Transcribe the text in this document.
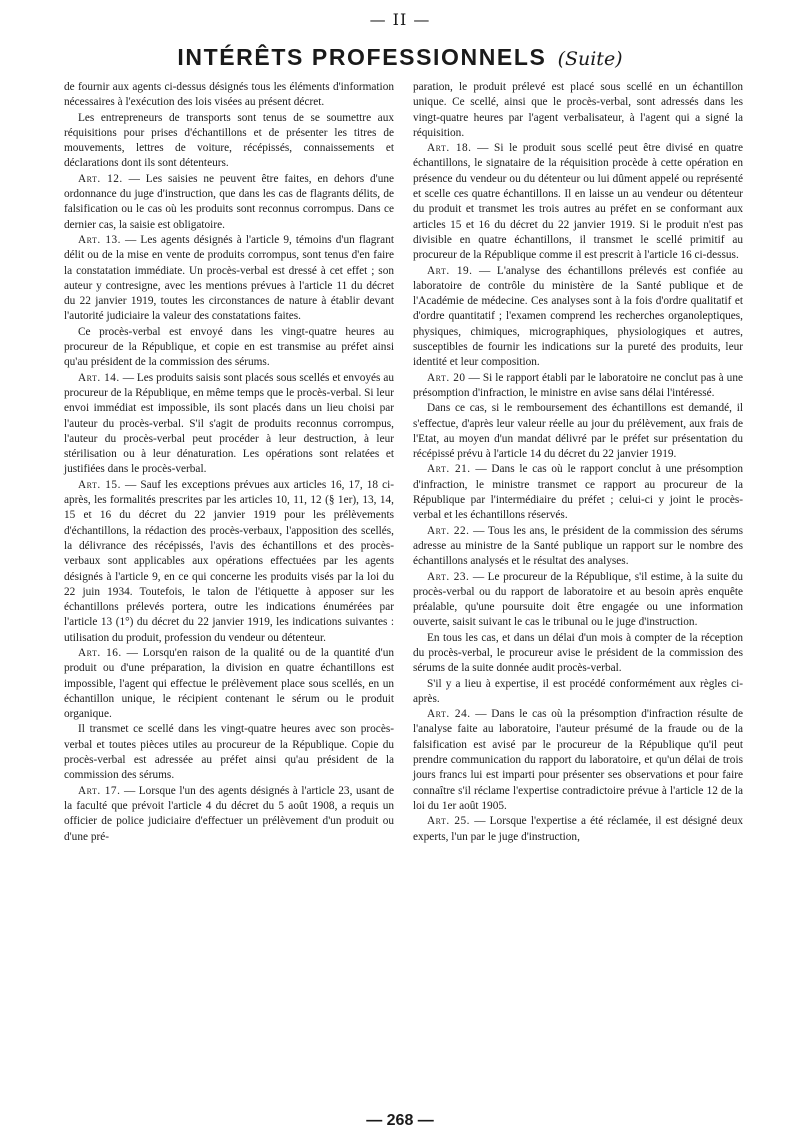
— II —
INTÉRÊTS PROFESSIONNELS (Suite)

de fournir aux agents ci-dessus désignés tous les éléments d'information nécessaires à l'exécution des lois visées au présent décret.

Les entrepreneurs de transports sont tenus de se soumettre aux réquisitions pour prises d'échantillons et de présenter les titres de mouvements, lettres de voiture, récépissés, connaissements et déclarations dont ils sont détenteurs.

Art. 12. — Les saisies ne peuvent être faites, en dehors d'une ordonnance du juge d'instruction, que dans les cas de flagrants délits, de falsification ou le cas où les produits sont reconnus corrompus. Dans ce dernier cas, la saisie est obligatoire.

Art. 13. — Les agents désignés à l'article 9, témoins d'un flagrant délit ou de la mise en vente de produits corrompus, sont tenus d'en faire la constatation immédiate. Un procès-verbal est dressé à cet effet ; son auteur y contresigne, avec les mentions prévues à l'article 11 du décret du 22 janvier 1919, toutes les circonstances de nature à établir devant l'autorité judiciaire la valeur des constatations faites.

Ce procès-verbal est envoyé dans les vingt-quatre heures au procureur de la République, et copie en est transmise au préfet ainsi qu'au président de la commission des sérums.

Art. 14. — Les produits saisis sont placés sous scellés et envoyés au procureur de la République, en même temps que le procès-verbal. Si leur envoi immédiat est impossible, ils sont placés dans un lieu choisi par l'auteur du procès-verbal. S'il s'agit de produits reconnus corrompus, l'auteur du procès-verbal peut procéder à leur destruction, à leur stérilisation ou à leur dénaturation. Les opérations sont relatées et justifiées dans le procès-verbal.

Art. 15. — Sauf les exceptions prévues aux articles 16, 17, 18 ci-après, les formalités prescrites par les articles 10, 11, 12 (§ 1er), 13, 14, 15 et 16 du décret du 22 janvier 1919 pour les prélèvements d'échantillons, la rédaction des procès-verbaux, l'apposition des scellés, la délivrance des récépissés, l'avis des échantillons et des procès-verbaux sont applicables aux opérations effectuées par les agents désignés à l'article 9, en ce qui concerne les produits visés par la loi du 22 juin 1934. Toutefois, le talon de l'étiquette à apposer sur les échantillons prélevés portera, outre les indications énumérées par l'article 13 (1°) du décret du 22 janvier 1919, les indications suivantes : utilisation du produit, profession du vendeur ou détenteur.

Art. 16. — Lorsqu'en raison de la qualité ou de la quantité d'un produit ou d'une préparation, la division en quatre échantillons est impossible, l'agent qui effectue le prélèvement place sous scellés, en un échantillon unique, le récipient contenant le sérum ou le produit organique.

Il transmet ce scellé dans les vingt-quatre heures avec son procès-verbal et toutes pièces utiles au procureur de la République. Copie du procès-verbal est adressée au préfet ainsi qu'au président de la commission des sérums.

Art. 17. — Lorsque l'un des agents désignés à l'article 23, usant de la faculté que prévoit l'article 4 du décret du 5 août 1908, a requis un officier de police judiciaire d'effectuer un prélèvement d'un produit ou d'une pré-

paration, le produit prélevé est placé sous scellé en un échantillon unique. Ce scellé, ainsi que le procès-verbal, sont adressés dans les vingt-quatre heures par l'agent verbalisateur, à l'agent qui a signé la réquisition.

Art. 18. — Si le produit sous scellé peut être divisé en quatre échantillons, le signataire de la réquisition procède à cette opération en présence du vendeur ou du détenteur ou lui dûment appelé ou représenté et scelle ces quatre échantillons. Il en laisse un au vendeur ou détenteur du produit et transmet les trois autres au préfet en se conformant aux articles 15 et 16 du décret du 22 janvier 1919. Si le produit n'est pas divisible en quatre échantillons, il transmet le scellé primitif au procureur de la République comme il est prescrit à l'article 16 ci-dessus.

Art. 19. — L'analyse des échantillons prélevés est confiée au laboratoire de contrôle du ministère de la Santé publique et de l'Académie de médecine. Ces analyses sont à la fois d'ordre qualitatif et d'ordre quantitatif ; l'examen comprend les recherches organoleptiques, physiques, chimiques, micrographiques, physiologiques et autres, susceptibles de fournir les indications sur la pureté des produits, leur identité et leur composition.

Art. 20 — Si le rapport établi par le laboratoire ne conclut pas à une présomption d'infraction, le ministre en avise sans délai l'intéressé.

Dans ce cas, si le remboursement des échantillons est demandé, il s'effectue, d'après leur valeur réelle au jour du prélèvement, aux frais de l'Etat, au moyen d'un mandat délivré par le préfet sur présentation du récépissé prévu à l'article 14 du décret du 22 janvier 1919.

Art. 21. — Dans le cas où le rapport conclut à une présomption d'infraction, le ministre transmet ce rapport au procureur de la République par l'intermédiaire du préfet ; celui-ci y joint le procès-verbal et les échantillons réservés.

Art. 22. — Tous les ans, le président de la commission des sérums adresse au ministre de la Santé publique un rapport sur le nombre des échantillons analysés et le résultat des analyses.

Art. 23. — Le procureur de la République, s'il estime, à la suite du procès-verbal ou du rapport de laboratoire et au besoin après enquête préalable, qu'une poursuite doit être engagée ou une information ouverte, saisit suivant le cas le tribunal ou le juge d'instruction.

En tous les cas, et dans un délai d'un mois à compter de la réception du procès-verbal, le procureur avise le président de la commission des sérums de la suite donnée audit procès-verbal.

S'il y a lieu à expertise, il est procédé conformément aux règles ci-après.

Art. 24. — Dans le cas où la présomption d'infraction résulte de l'analyse faite au laboratoire, l'auteur présumé de la fraude ou de la falsification est avisé par le procureur de la République qu'il peut prendre communication du rapport du laboratoire, et qu'un délai de trois jours francs lui est imparti pour présenter ses observations et pour faire connaître s'il réclame l'expertise contradictoire prévue à l'article 12 de la loi du 1er août 1905.

Art. 25. — Lorsque l'expertise a été réclamée, il est désigné deux experts, l'un par le juge d'instruction,

— 268 —
